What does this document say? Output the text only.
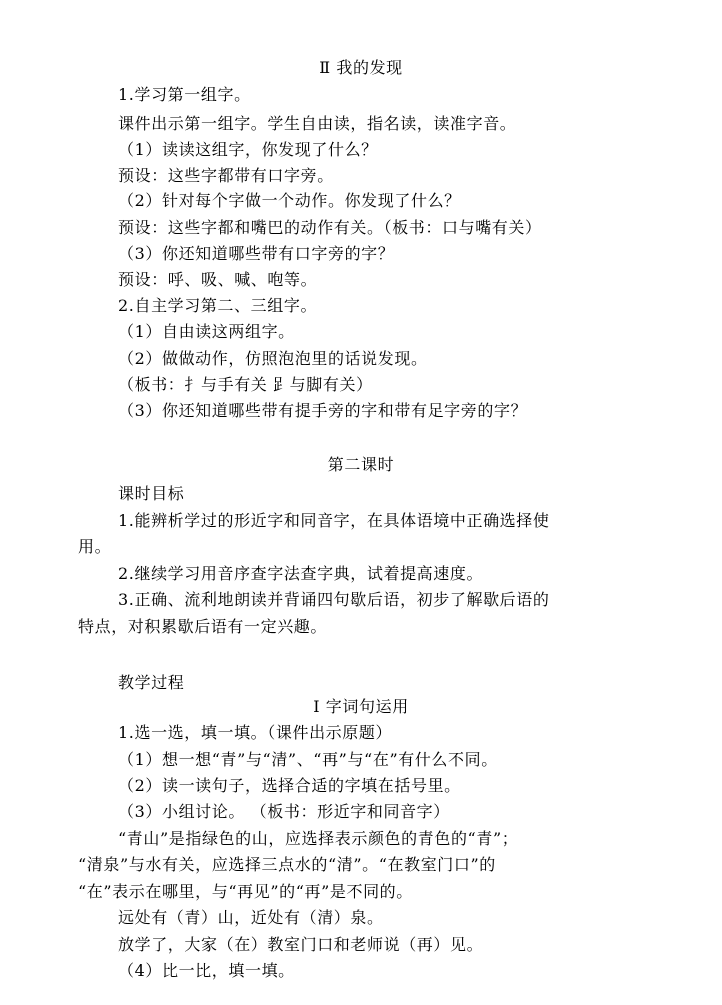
Ⅱ 我的发现
1.学习第一组字。
课件出示第一组字。学生自由读，指名读，读准字音。
（1）读读这组字，你发现了什么？
预设：这些字都带有口字旁。
（2）针对每个字做一个动作。你发现了什么？
预设：这些字都和嘴巴的动作有关。（板书：口与嘴有关）
（3）你还知道哪些带有口字旁的字？
预设：呼、吸、喊、咆等。
2.自主学习第二、三组字。
（1）自由读这两组字。
（2）做做动作，仿照泡泡里的话说发现。
（板书：扌与手有关 𧾷与脚有关）
（3）你还知道哪些带有提手旁的字和带有足字旁的字？
第二课时
课时目标
1.能辨析学过的形近字和同音字，在具体语境中正确选择使
用。
2.继续学习用音序查字法查字典，试着提高速度。
3.正确、流利地朗读并背诵四句歇后语，初步了解歇后语的
特点，对积累歇后语有一定兴趣。
教学过程
Ⅰ 字词句运用
1.选一选，填一填。（课件出示原题）
（1）想一想“青”与“清”、“再”与“在”有什么不同。
（2）读一读句子，选择合适的字填在括号里。
（3）小组讨论。 （板书：形近字和同音字）
“青山”是指绿色的山，应选择表示颜色的青色的“青”；
“清泉”与水有关，应选择三点水的“清”。“在教室门口”的
“在”表示在哪里，与“再见”的“再”是不同的。
远处有（青）山，近处有（清）泉。
放学了，大家（在）教室门口和老师说（再）见。
（4）比一比，填一填。
